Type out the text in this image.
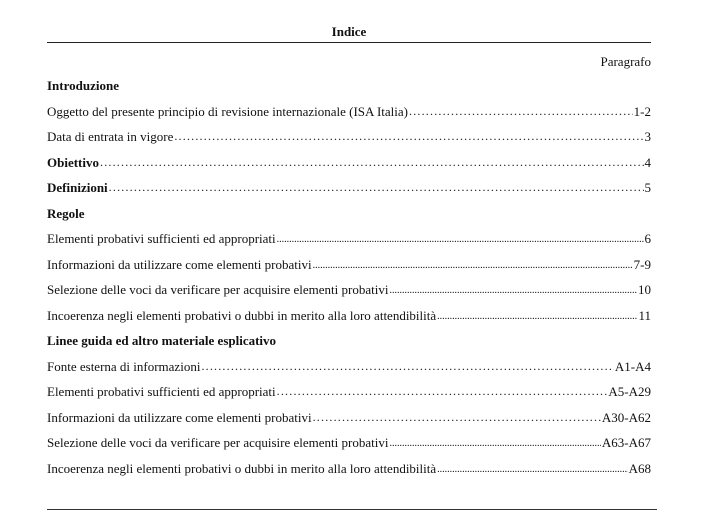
Indice
Paragrafo
Introduzione
Oggetto del presente principio di revisione internazionale (ISA Italia) .....	1-2
Data di entrata in vigore .....	3
Obiettivo .....	4
Definizioni .....	5
Regole
Elementi probativi sufficienti ed appropriati .....	6
Informazioni da utilizzare come elementi probativi .....	7-9
Selezione delle voci da verificare per acquisire elementi probativi .....	10
Incoerenza negli elementi probativi o dubbi in merito alla loro attendibilità .....	11
Linee guida ed altro materiale esplicativo
Fonte esterna di informazioni .....	A1-A4
Elementi probativi sufficienti ed appropriati .....	A5-A29
Informazioni da utilizzare come elementi probativi .....	A30-A62
Selezione delle voci da verificare per acquisire elementi probativi .....	A63-A67
Incoerenza negli elementi probativi o dubbi in merito alla loro attendibilità .....	A68
